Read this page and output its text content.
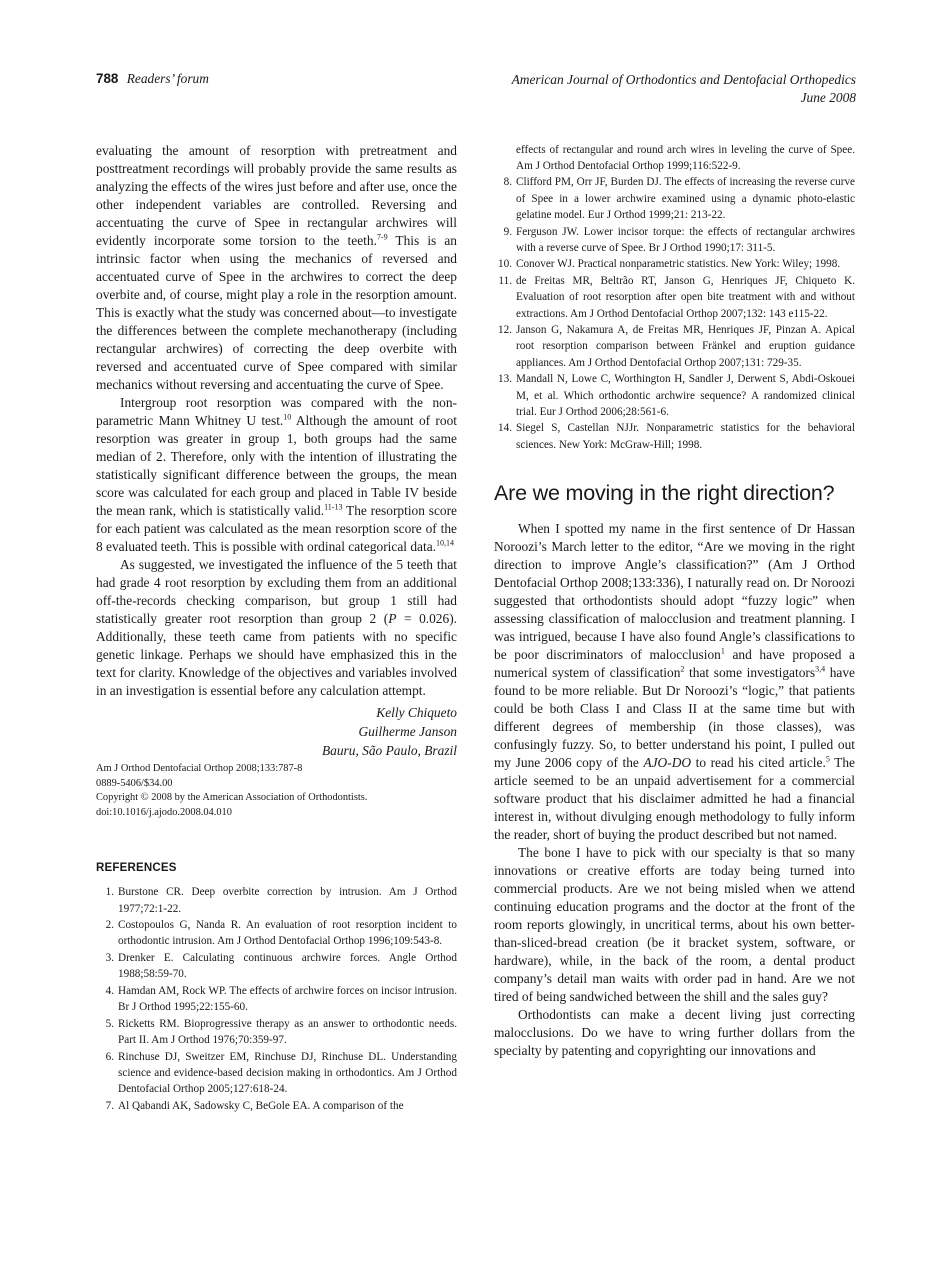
788 Readers’ forum	American Journal of Orthodontics and Dentofacial Orthopedics
June 2008

evaluating the amount of resorption with pretreatment and posttreatment recordings will probably provide the same results as analyzing the effects of the wires just before and after use, once the other independent variables are controlled. Reversing and accentuating the curve of Spee in rectangular archwires will evidently incorporate some torsion to the teeth.$^{7-9}$ This is an intrinsic factor when using the mechanics of reversed and accentuated curve of Spee in the archwires to correct the deep overbite and, of course, might play a role in the resorption amount. This is exactly what the study was concerned about—to investigate the differences between the complete mechanotherapy (including rectangular archwires) of correcting the deep overbite with reversed and accentuated curve of Spee compared with similar mechanics without reversing and accentuating the curve of Spee.

Intergroup root resorption was compared with the non-parametric Mann Whitney U test.$^{10}$ Although the amount of root resorption was greater in group 1, both groups had the same median of 2. Therefore, only with the intention of illustrating the statistically significant difference between the groups, the mean score was calculated for each group and placed in Table IV beside the mean rank, which is statistically valid.$^{11-13}$ The resorption score for each patient was calculated as the mean resorption score of the 8 evaluated teeth. This is possible with ordinal categorical data.$^{10,14}$

As suggested, we investigated the influence of the 5 teeth that had grade 4 root resorption by excluding them from an additional off-the-records checking comparison, but group 1 still had statistically greater root resorption than group 2 (P = 0.026). Additionally, these teeth came from patients with no specific genetic linkage. Perhaps we should have emphasized this in the text for clarity. Knowledge of the objectives and variables involved in an investigation is essential before any calculation attempt.

Kelly Chiqueto
Guilherme Janson
Bauru, São Paulo, Brazil
Am J Orthod Dentofacial Orthop 2008;133:787-8
0889-5406/$34.00
Copyright © 2008 by the American Association of Orthodontists.
doi:10.1016/j.ajodo.2008.04.010
REFERENCES
1. Burstone CR. Deep overbite correction by intrusion. Am J Orthod 1977;72:1-22.
2. Costopoulos G, Nanda R. An evaluation of root resorption incident to orthodontic intrusion. Am J Orthod Dentofacial Orthop 1996;109:543-8.
3. Drenker E. Calculating continuous archwire forces. Angle Orthod 1988;58:59-70.
4. Hamdan AM, Rock WP. The effects of archwire forces on incisor intrusion. Br J Orthod 1995;22:155-60.
5. Ricketts RM. Bioprogressive therapy as an answer to orthodontic needs. Part II. Am J Orthod 1976;70:359-97.
6. Rinchuse DJ, Sweitzer EM, Rinchuse DJ, Rinchuse DL. Understanding science and evidence-based decision making in orthodontics. Am J Orthod Dentofacial Orthop 2005;127:618-24.
7. Al Qabandi AK, Sadowsky C, BeGole EA. A comparison of the
effects of rectangular and round arch wires in leveling the curve of Spee. Am J Orthod Dentofacial Orthop 1999;116:522-9.
8. Clifford PM, Orr JF, Burden DJ. The effects of increasing the reverse curve of Spee in a lower archwire examined using a dynamic photo-elastic gelatine model. Eur J Orthod 1999;21: 213-22.
9. Ferguson JW. Lower incisor torque: the effects of rectangular archwires with a reverse curve of Spee. Br J Orthod 1990;17: 311-5.
10. Conover WJ. Practical nonparametric statistics. New York: Wiley; 1998.
11. de Freitas MR, Beltrão RT, Janson G, Henriques JF, Chiqueto K. Evaluation of root resorption after open bite treatment with and without extractions. Am J Orthod Dentofacial Orthop 2007;132: 143 e115-22.
12. Janson G, Nakamura A, de Freitas MR, Henriques JF, Pinzan A. Apical root resorption comparison between Fränkel and eruption guidance appliances. Am J Orthod Dentofacial Orthop 2007;131: 729-35.
13. Mandall N, Lowe C, Worthington H, Sandler J, Derwent S, Abdi-Oskouei M, et al. Which orthodontic archwire sequence? A randomized clinical trial. Eur J Orthod 2006;28:561-6.
14. Siegel S, Castellan NJJr. Nonparametric statistics for the behavioral sciences. New York: McGraw-Hill; 1998.
Are we moving in the right direction?

When I spotted my name in the first sentence of Dr Hassan Noroozi’s March letter to the editor, “Are we moving in the right direction to improve Angle’s classification?” (Am J Orthod Dentofacial Orthop 2008;133:336), I naturally read on. Dr Noroozi suggested that orthodontists should adopt “fuzzy logic” when assessing classification of malocclusion and treatment planning. I was intrigued, because I have also found Angle’s classifications to be poor discriminators of malocclusion$^1$ and have proposed a numerical system of classification$^2$ that some investigators$^{3,4}$ have found to be more reliable. But Dr Noroozi’s “logic,” that patients could be both Class I and Class II at the same time but with different degrees of membership (in those classes), was confusingly fuzzy. So, to better understand his point, I pulled out my June 2006 copy of the AJO-DO to read his cited article.$^5$ The article seemed to be an unpaid advertisement for a commercial software product that his disclaimer admitted he had a financial interest in, without divulging enough methodology to fully inform the reader, short of buying the product described but not named.

The bone I have to pick with our specialty is that so many innovations or creative efforts are today being turned into commercial products. Are we not being misled when we attend continuing education programs and the doctor at the front of the room reports glowingly, in uncritical terms, about his own better-than-sliced-bread creation (be it bracket system, software, or hardware), while, in the back of the room, a dental product company’s detail man waits with order pad in hand. Are we not tired of being sandwiched between the shill and the sales guy?

Orthodontists can make a decent living just correcting malocclusions. Do we have to wring further dollars from the specialty by patenting and copyrighting our innovations and
